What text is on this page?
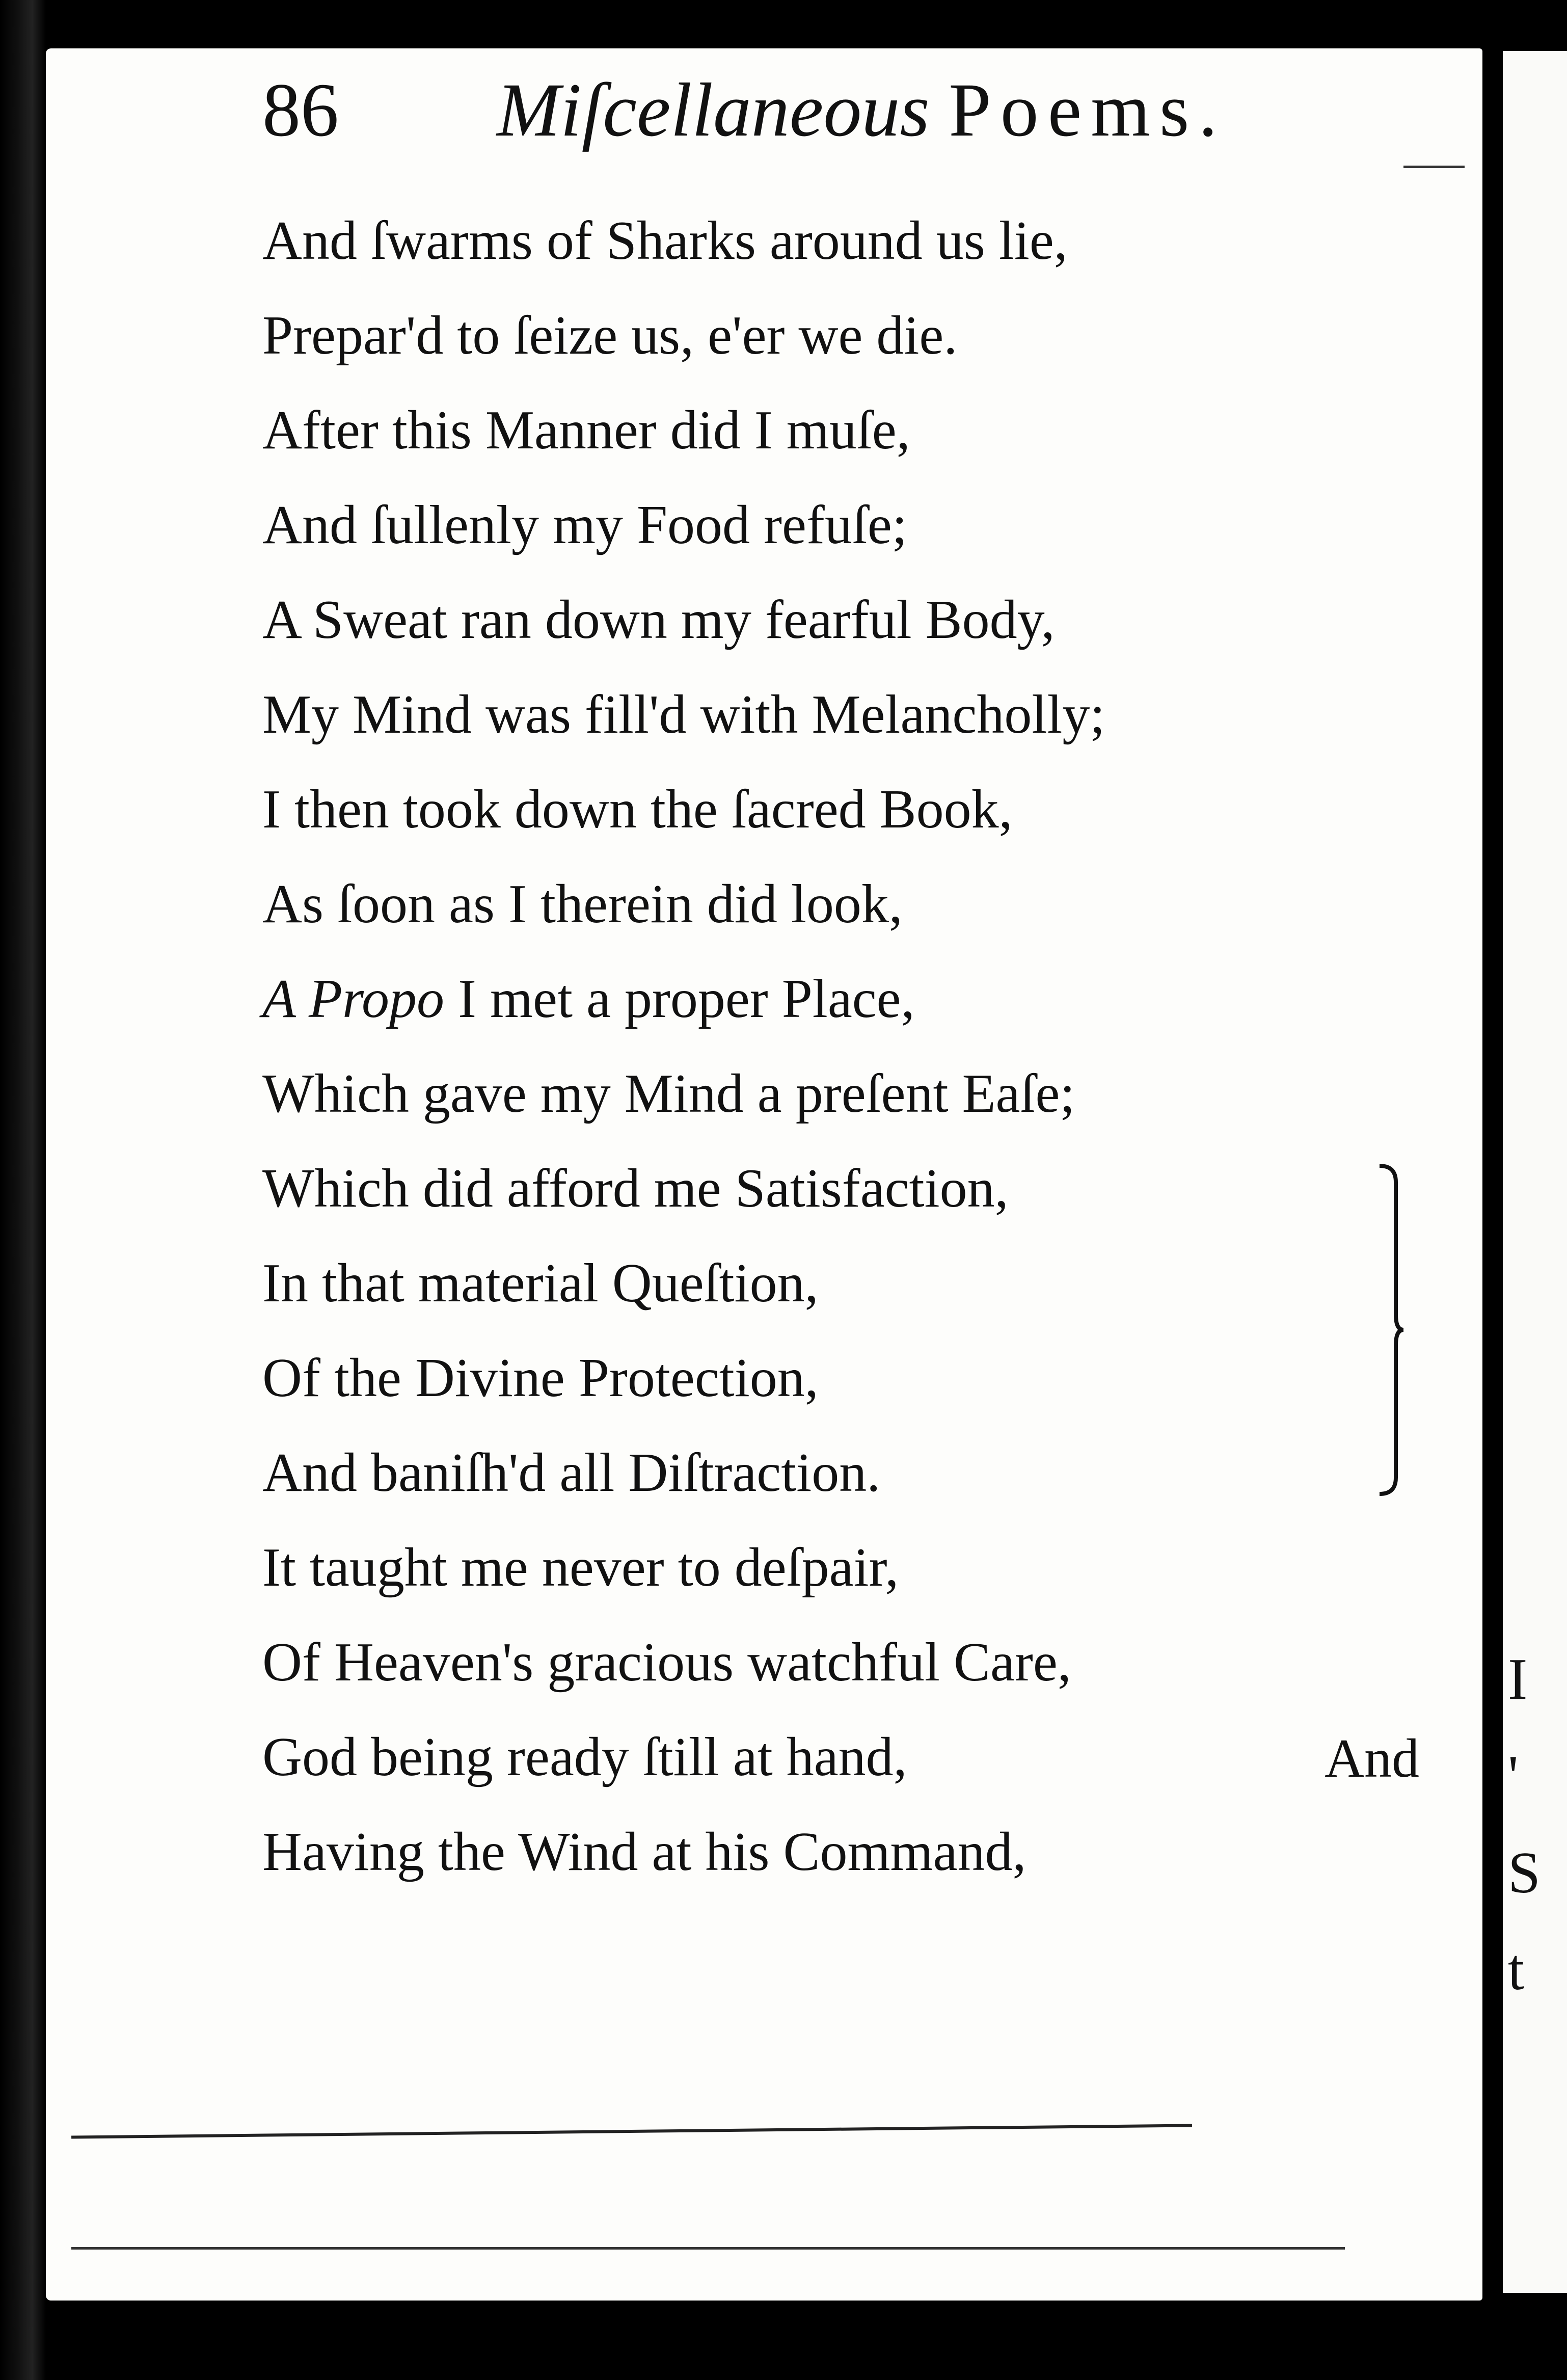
I
'
S
t
86 Miſcellaneous Poems.
And ſwarms of Sharks around us lie,
Prepar'd to ſeize us, e'er we die.
After this Manner did I muſe,
And ſullenly my Food refuſe;
A Sweat ran down my fearful Body,
My Mind was fill'd with Melancholly;
I then took down the ſacred Book,
As ſoon as I therein did look,
A Propo I met a proper Place,
Which gave my Mind a preſent Eaſe;
Which did afford me Satisfaction,
In that material Queſtion,
Of the Divine Protection,
And baniſh'd all Diſtraction.
It taught me never to deſpair,
Of Heaven's gracious watchful Care,
God being ready ſtill at hand,
Having the Wind at his Command,
And
